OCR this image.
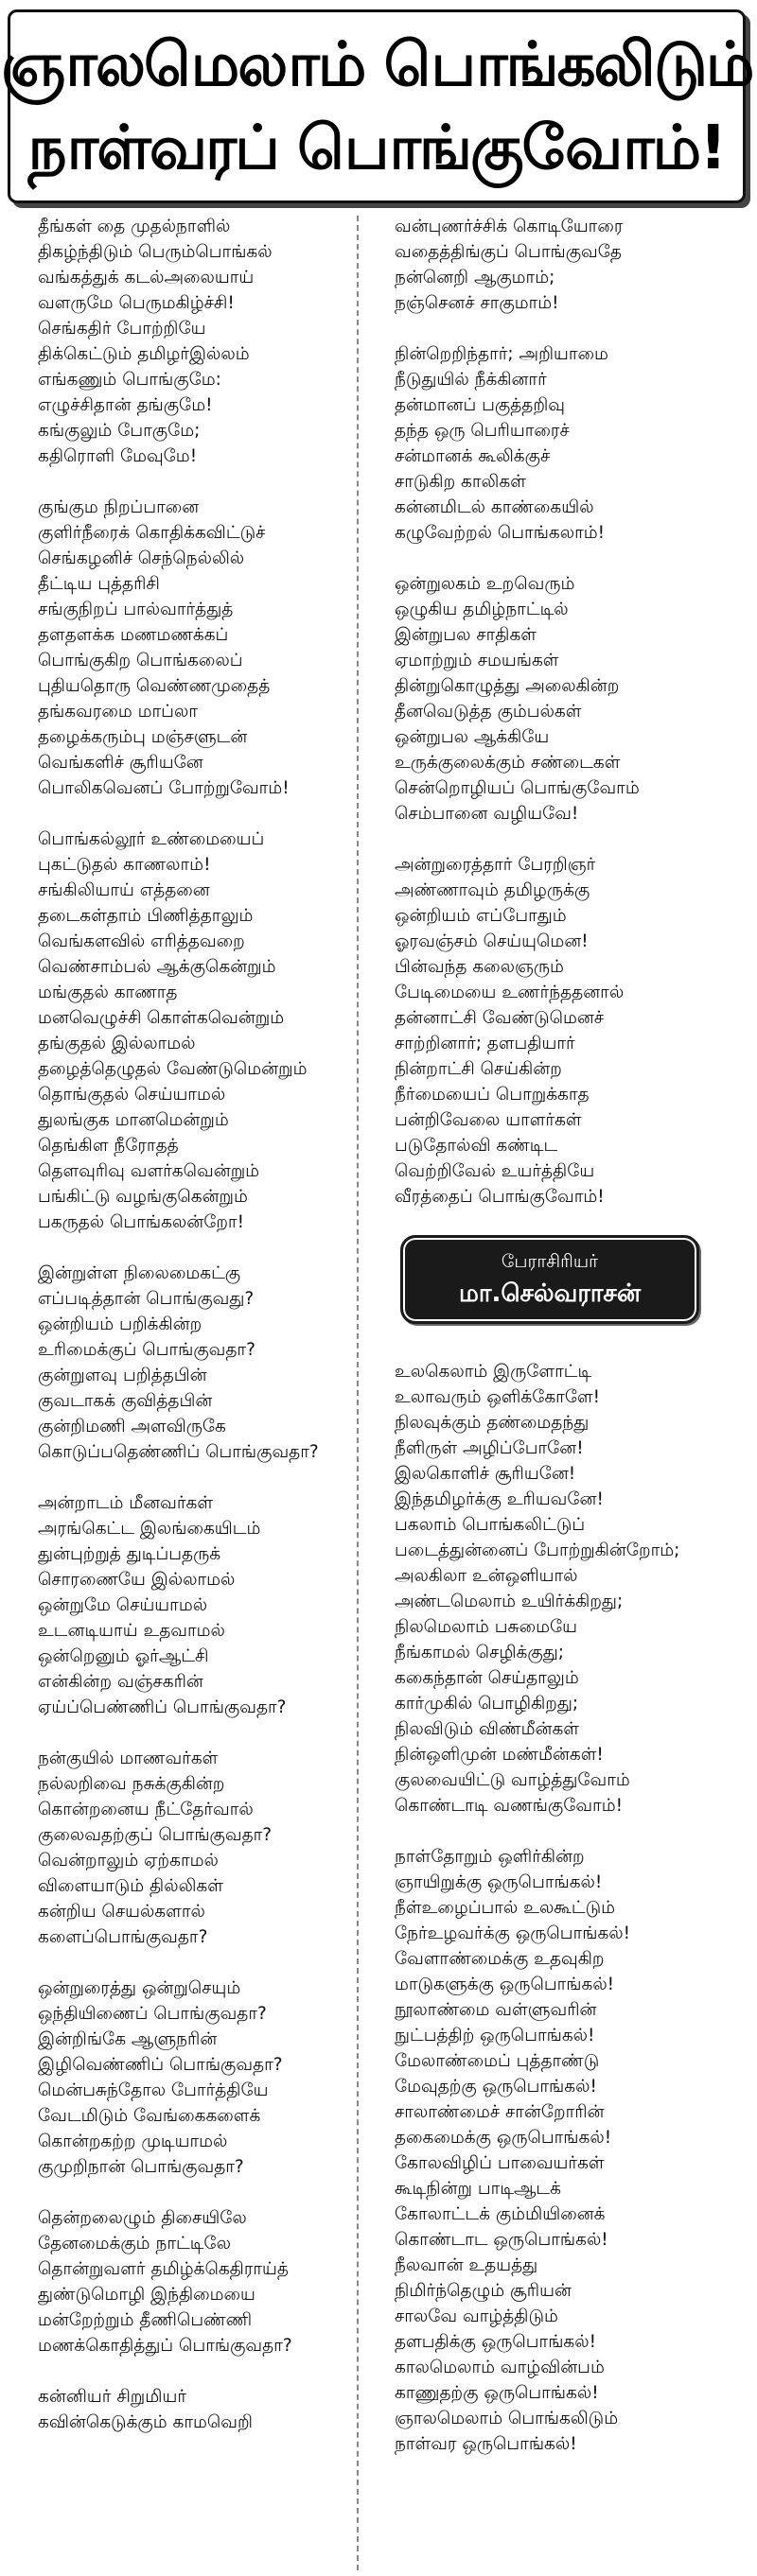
ஞாலமெலாம் பொங்கலிடும்
நாள்வரப் பொங்குவோம்!
தீங்கள் தை முதல்நாளில்
திகழ்ந்திடும் பெரும்பொங்கல்
வங்கத்துக் கடல்அலையாய்
வளருமே பெருமகிழ்ச்சி!
செங்கதிர் போற்றியே
திக்கெட்டும் தமிழர்இல்லம்
எங்கணும் பொங்குமே:
எழுச்சிதான் தங்குமே!
கங்குலும் போகுமே;
கதிரொளி மேவுமே!
குங்கும நிறப்பானை
குளிர்நீரைக் கொதிக்கவிட்டுச்
செங்கழனிச் செந்நெல்லில்
தீட்டிய புத்தரிசி
சங்குநிறப் பால்வார்த்துத்
தளதளக்க மணமணக்கப்
பொங்குகிற பொங்கலைப்
புதியதொரு வெண்ணமுதைத்
தங்கவரமை மாப்லா
தழைக்கரும்பு மஞ்சளுடன்
வெங்களிச் சூரியனே
பொலிகவெனப் போற்றுவோம்!
பொங்கல்லூர் உண்மையைப்
புகட்டுதல் காணலாம்!
சங்கிலியாய் எத்தனை
தடைகள்தாம் பிணித்தாலும்
வெங்களவில் எரித்தவறை
வெண்சாம்பல் ஆக்குகென்றும்
மங்குதல் காணாத
மனவெழுச்சி கொள்கவென்றும்
தங்குதல் இல்லாமல்
தழைத்தெழுதல் வேண்டுமென்றும்
தொங்குதல் செய்யாமல்
துலங்குக மானமென்றும்
தெங்கிள நீரோதத்
தெளவுரிவு வளர்கவென்றும்
பங்கிட்டு வழங்குகென்றும்
பகருதல் பொங்கலன்றோ!
இன்றுள்ள நிலைமைகட்கு
எப்படித்தான் பொங்குவது?
ஒன்றியம் பறிக்கின்ற
உரிமைக்குப் பொங்குவதா?
குன்றுளவு பறித்தபின்
குவடாகக் குவித்தபின்
குன்றிமணி அளவிருகே
கொடுப்பதெண்ணிப் பொங்குவதா?
அன்றாடம் மீனவர்கள்
அரங்கெட்ட இலங்கையிடம்
துன்புற்றுத் துடிப்பதருக்
சொரணையே இல்லாமல்
ஒன்றுமே செய்யாமல்
உடனடியாய் உதவாமல்
ஒன்றெனும் ஓர்ஆட்சி
என்கின்ற வஞ்சகரின்
ஏய்ப்பெண்ணிப் பொங்குவதா?
நன்குயில் மாணவர்கள்
நல்லறிவை நசுக்குகின்ற
கொன்றனைய நீட்தேர்வால்
குலைவதற்குப் பொங்குவதா?
வென்றாலும் ஏற்காமல்
விளையாடும் தில்லிகள்
கன்றிய செயல்களால்
களைப்பொங்குவதா?
ஒன்றுரைத்து ஒன்றுசெயும்
ஒந்தியிணைப் பொங்குவதா?
இன்றிங்கே ஆளுநரின்
இழிவெண்ணிப் பொங்குவதா?
மென்பசுந்தோல போர்த்தியே
வேடமிடும் வேங்கைகளைக்
கொன்றகற்ற முடியாமல்
குமுறிநான் பொங்குவதா?
தென்றலைழும் திசையிலே
தேனமைக்கும் நாட்டிலே
தொன்றுவளர் தமிழ்க்கெதிராய்த்
துண்டுமொழி இந்திமையை
மன்றேற்றும் தீணிபெண்ணி
மணக்கொதித்துப் பொங்குவதா?
கன்னியர் சிறுமியர்
கவின்கெடுக்கும் காமவெறி
வன்புணர்ச்சிக் கொடியோரை
வதைத்திங்குப் பொங்குவதே
நன்னெறி ஆகுமாம்;
நஞ்செனச் சாகுமாம்!
நின்றெறிந்தார்; அறியாமை
நீடுதுயில் நீக்கினார்
தன்மானப் பகுத்தறிவு
தந்த ஒரு பெரியாரைச்
சன்மானக் கூலிக்குச்
சாடுகிற காலிகள்
கன்னமிடல் காண்கையில்
கழுவேற்றல் பொங்கலாம்!
ஒன்றுலகம் உறவெரும்
ஒழுகிய தமிழ்நாட்டில்
இன்றுபல சாதிகள்
ஏமாற்றும் சமயங்கள்
தின்றுகொழுத்து அலைகின்ற
தீனவெடுத்த கும்பல்கள்
ஒன்றுபல ஆக்கியே
உருக்குலைக்கும் சண்டைகள்
சென்றொழியப் பொங்குவோம்
செம்பானை வழியவே!
அன்றுரைத்தார் பேரறிஞர்
அண்ணாவும் தமிழருக்கு
ஒன்றியம் எப்போதும்
ஓரவஞ்சம் செய்யுமென!
பின்வந்த கலைஞரும்
பேடிமையை உணர்ந்ததனால்
தன்னாட்சி வேண்டுமெனச்
சாற்றினார்; தளபதியார்
நின்றாட்சி செய்கின்ற
நீர்மையைப் பொறுக்காத
பன்றிவேலை யாளர்கள்
படுதோல்வி கண்டிட
வெற்றிவேல் உயர்த்தியே
வீரத்தைப் பொங்குவோம்!
பேராசிரியர்
மா.செல்வராசன்
உலகெலாம் இருளோட்டி
உலாவரும் ஒளிக்கோளே!
நிலவுக்கும் தண்மைதந்து
நீளிருள் அழிப்போனே!
இலகொளிச் சூரியனே!
இந்தமிழர்க்கு உரியவனே!
பகலாம் பொங்கலிட்டுப்
படைத்துன்னைப் போற்றுகின்றோம்;
அலகிலா உன்ஒளியால்
அண்டமெலாம் உயிர்க்கிறது;
நிலமெலாம் பசுமையே
நீங்காமல் செழிக்குது;
ககைந்தான் செய்தாலும்
கார்முகில் பொழிகிறது;
நிலவிடும் விண்மீன்கள்
நின்ஒளிமுன் மண்மீன்கள்!
குலவையிட்டு வாழ்த்துவோம்
கொண்டாடி வணங்குவோம்!
நாள்தோறும் ஒளிர்கின்ற
ஞாயிறுக்கு ஒருபொங்கல்!
நீள்உழைப்பால் உலகூட்டும்
நேர்உழவர்க்கு ஒருபொங்கல்!
வேளாண்மைக்கு உதவுகிற
மாடுகளுக்கு ஒருபொங்கல்!
நூலாண்மை வள்ளுவரின்
நுட்பத்திற் ஒருபொங்கல்!
மேலாண்மைப் புத்தாண்டு
மேவுதற்கு ஒருபொங்கல்!
சாலாண்மைச் சான்றோரின்
தகைமைக்கு ஒருபொங்கல்!
கோலவிழிப் பாவையர்கள்
கூடிநின்று பாடிஆடக்
கோலாட்டக் கும்மியினைக்
கொண்டாட ஒருபொங்கல்!
நீலவான் உதயத்து
நிமிர்ந்தெழும் சூரியன்
சாலவே வாழ்த்திடும்
தளபதிக்கு ஒருபொங்கல்!
காலமெலாம் வாழ்வின்பம்
காணுதற்கு ஒருபொங்கல்!
ஞாலமெலாம் பொங்கலிடும்
நாள்வர ஒருபொங்கல்!
